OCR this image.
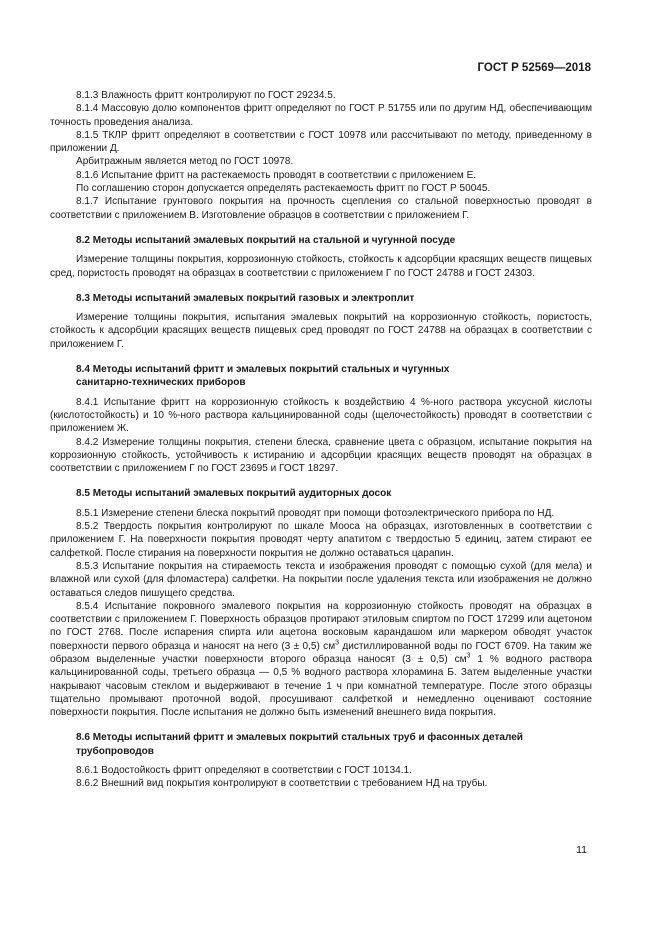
ГОСТ Р 52569—2018

8.1.3 Влажность фритт контролируют по ГОСТ 29234.5.

8.1.4 Массовую долю компонентов фритт определяют по ГОСТ Р 51755 или по другим НД, обеспечивающим точность проведения анализа.

8.1.5 ТКЛР фритт определяют в соответствии с ГОСТ 10978 или рассчитывают по методу, приведенному в приложении Д.

Арбитражным является метод по ГОСТ 10978.

8.1.6 Испытание фритт на растекаемость проводят в соответствии с приложением Е.

По соглашению сторон допускается определять растекаемость фритт по ГОСТ Р 50045.

8.1.7 Испытание грунтового покрытия на прочность сцепления со стальной поверхностью проводят в соответствии с приложением В. Изготовление образцов в соответствии с приложением Г.

8.2 Методы испытаний эмалевых покрытий на стальной и чугунной посуде

Измерение толщины покрытия, коррозионную стойкость, стойкость к адсорбции красящих веществ пищевых сред, пористость проводят на образцах в соответствии с приложением Г по ГОСТ 24788 и ГОСТ 24303.

8.3 Методы испытаний эмалевых покрытий газовых и электроплит

Измерение толщины покрытия, испытания эмалевых покрытий на коррозионную стойкость, пористость, стойкость к адсорбции красящих веществ пищевых сред проводят по ГОСТ 24788 на образцах в соответствии с приложением Г.

8.4 Методы испытаний фритт и эмалевых покрытий стальных и чугунных
санитарно-технических приборов

8.4.1 Испытание фритт на коррозионную стойкость к воздействию 4 %-ного раствора уксусной кислоты (кислотостойкость) и 10 %-ного раствора кальцинированной соды (щелочестойкость) проводят в соответствии с приложением Ж.

8.4.2 Измерение толщины покрытия, степени блеска, сравнение цвета с образцом, испытание покрытия на коррозионную стойкость, устойчивость к истиранию и адсорбции красящих веществ проводят на образцах в соответствии с приложением Г по ГОСТ 23695 и ГОСТ 18297.

8.5 Методы испытаний эмалевых покрытий аудиторных досок

8.5.1 Измерение степени блеска покрытий проводят при помощи фотоэлектрического прибора по НД.

8.5.2 Твердость покрытия контролируют по шкале Мооса на образцах, изготовленных в соответствии с приложением Г. На поверхности покрытия проводят черту апатитом с твердостью 5 единиц, затем стирают ее салфеткой. После стирания на поверхности покрытия не должно оставаться царапин.

8.5.3 Испытание покрытия на стираемость текста и изображения проводят с помощью сухой (для мела) и влажной или сухой (для фломастера) салфетки. На покрытии после удаления текста или изображения не должно оставаться следов пишущего средства.

8.5.4 Испытание покровного эмалевого покрытия на коррозионную стойкость проводят на образцах в соответствии с приложением Г. Поверхность образцов протирают этиловым спиртом по ГОСТ 17299 или ацетоном по ГОСТ 2768. После испарения спирта или ацетона восковым карандашом или маркером обводят участок поверхности первого образца и наносят на него (3 ± 0,5) $см^3$ дистиллированной воды по ГОСТ 6709. На таким же образом выделенные участки поверхности второго образца наносят (3 ± 0,5) $см^3$ 1 % водного раствора кальцинированной соды, третьего образца — 0,5 % водного раствора хлорамина Б. Затем выделенные участки накрывают часовым стеклом и выдерживают в течение 1 ч при комнатной температуре. После этого образцы тщательно промывают проточной водой, просушивают салфеткой и немедленно оценивают состояние поверхности покрытия. После испытания не должно быть изменений внешнего вида покрытия.

8.6 Методы испытаний фритт и эмалевых покрытий стальных труб и фасонных деталей
трубопроводов

8.6.1 Водостойкость фритт определяют в соответствии с ГОСТ 10134.1.

8.6.2 Внешний вид покрытия контролируют в соответствии с требованием НД на трубы.

11
